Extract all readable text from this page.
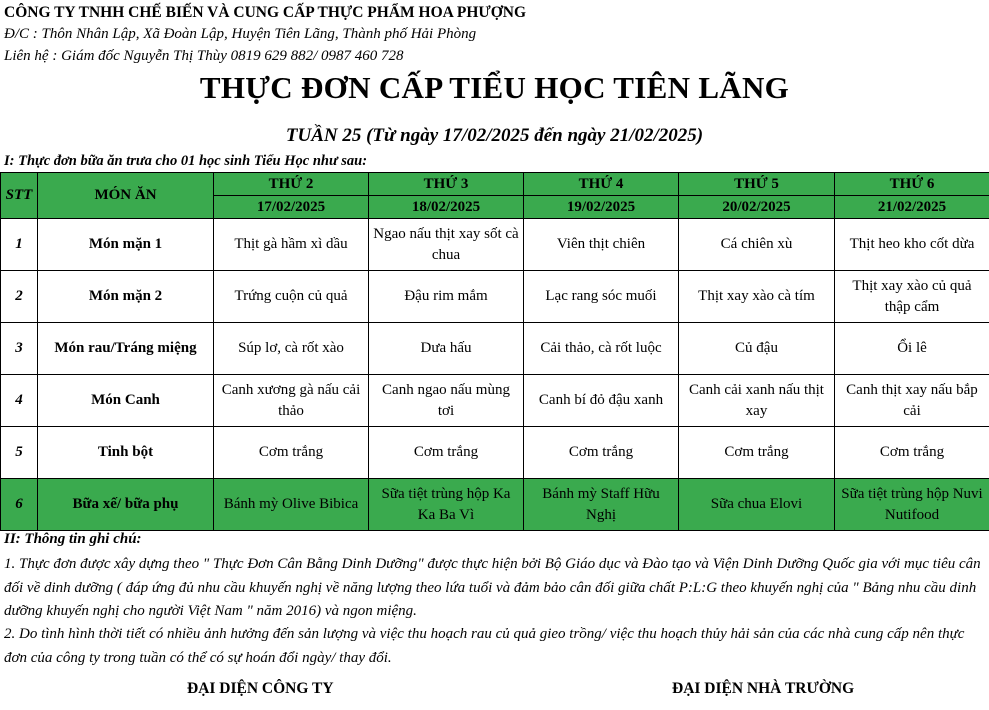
CÔNG TY TNHH CHẾ BIẾN VÀ CUNG CẤP THỰC PHẨM HOA PHƯỢNG
Đ/C : Thôn Nhân Lập, Xã Đoàn Lập, Huyện Tiên Lãng, Thành phố Hải Phòng
Liên hệ : Giám đốc Nguyễn Thị Thùy 0819 629 882/ 0987 460 728
THỰC ĐƠN CẤP TIỂU HỌC TIÊN LÃNG
TUẦN 25 (Từ ngày 17/02/2025 đến ngày 21/02/2025)
I: Thực đơn bữa ăn trưa cho 01 học sinh Tiểu Học như sau:
STT	MÓN ĂN	THỨ 2	THỨ 3	THỨ 4	THỨ 5	THỨ 6
		17/02/2025	18/02/2025	19/02/2025	20/02/2025	21/02/2025
1	Món mặn 1	Thịt gà hầm xì dầu	Ngao nấu thịt xay sốt cà chua	Viên thịt chiên	Cá chiên xù	Thịt heo kho cốt dừa
2	Món mặn 2	Trứng cuộn củ quả	Đậu rim mắm	Lạc rang sóc muối	Thịt xay xào cà tím	Thịt xay xào củ quả thập cẩm
3	Món rau/Tráng miệng	Súp lơ, cà rốt xào	Dưa hấu	Cải thảo, cà rốt luộc	Củ đậu	Ổi lê
4	Món Canh	Canh xương gà nấu cải thảo	Canh ngao nấu mùng tơi	Canh bí đỏ đậu xanh	Canh cải xanh nấu thịt xay	Canh thịt xay nấu bắp cải
5	Tinh bột	Cơm trắng	Cơm trắng	Cơm trắng	Cơm trắng	Cơm trắng
6	Bữa xế/ bữa phụ	Bánh mỳ Olive Bibica	Sữa tiệt trùng hộp Ka Ka Ba Vì	Bánh mỳ Staff Hữu Nghị	Sữa chua Elovi	Sữa tiệt trùng hộp Nuvi Nutifood
II: Thông tin ghi chú:
1. Thực đơn được xây dựng theo " Thực Đơn Cân Bằng Dinh Dưỡng" được thực hiện bởi Bộ Giáo dục và Đào tạo và Viện Dinh Dưỡng Quốc gia với mục tiêu cân đối về dinh dưỡng ( đáp ứng đủ nhu cầu khuyến nghị về năng lượng theo lứa tuổi và đảm bảo cân đối giữa chất P:L:G theo khuyến nghị của " Bảng nhu cầu dinh dưỡng khuyến nghị cho người Việt Nam " năm 2016) và ngon miệng.
2. Do tình hình thời tiết có nhiều ảnh hưởng đến sản lượng và việc thu hoạch rau củ quả gieo trồng/ việc thu hoạch thủy hải sản của các nhà cung cấp nên thực đơn của công ty trong tuần có thể có sự hoán đổi ngày/ thay đổi.
ĐẠI DIỆN CÔNG TY	ĐẠI DIỆN NHÀ TRƯỜNG
